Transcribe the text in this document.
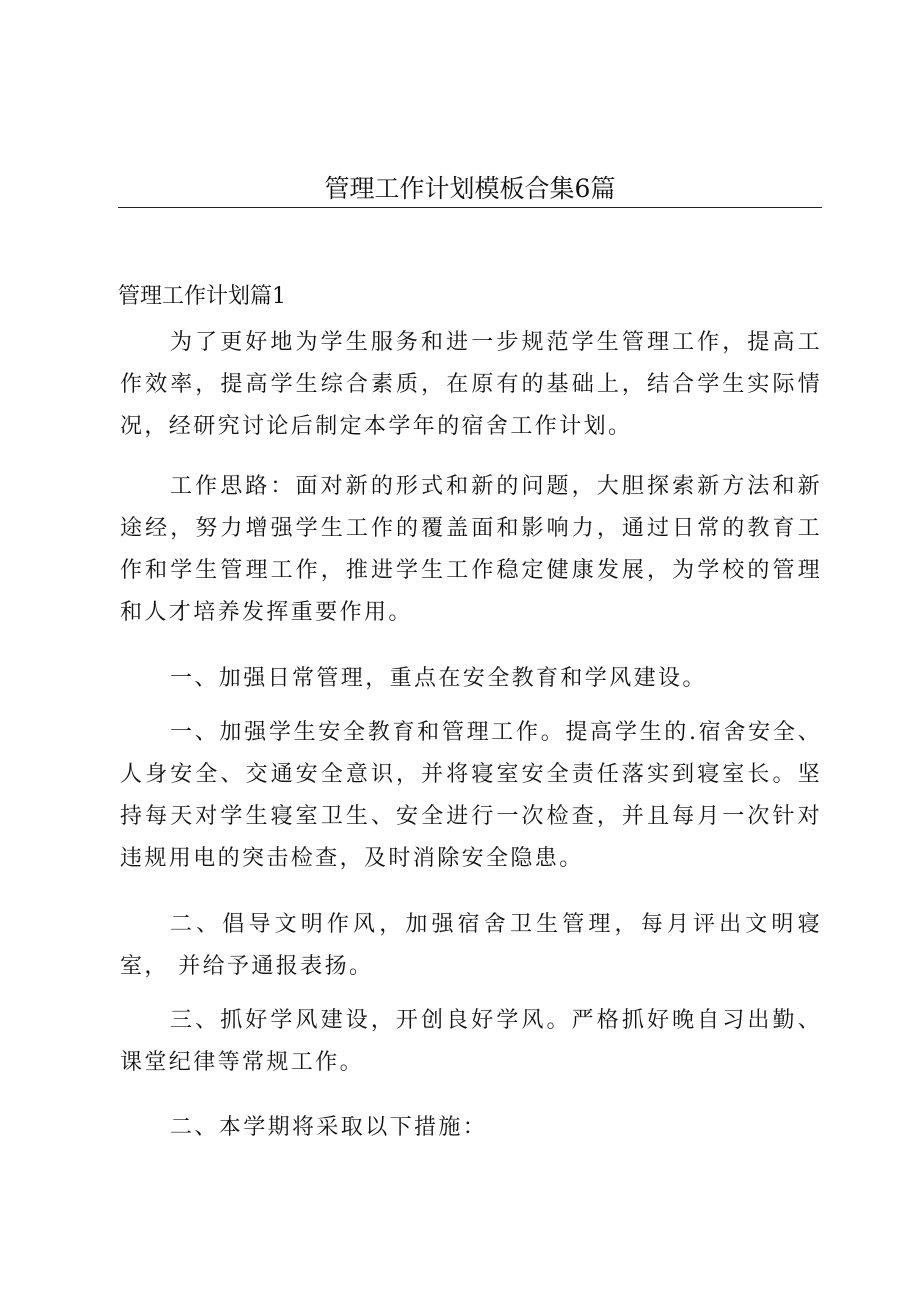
管理工作计划模板合集6篇
管理工作计划篇1

为了更好地为学生服务和进一步规范学生管理工作，提高工 作效率，提高学生综合素质，在原有的基础上，结合学生实际情 况，经研究讨论后制定本学年的宿舍工作计划。

工作思路：面对新的形式和新的问题，大胆探索新方法和新 途经，努力增强学生工作的覆盖面和影响力，通过日常的教育工 作和学生管理工作，推进学生工作稳定健康发展，为学校的管理 和人才培养发挥重要作用。

一、加强日常管理，重点在安全教育和学风建设。

一、加强学生安全教育和管理工作。提高学生的.宿舍安全、 人身安全、交通安全意识，并将寝室安全责任落实到寝室长。坚 持每天对学生寝室卫生、安全进行一次检查，并且每月一次针对 违规用电的突击检查，及时消除安全隐患。

二、倡导文明作风，加强宿舍卫生管理，每月评出文明寝室， 并给予通报表扬。

三、抓好学风建设，开创良好学风。严格抓好晚自习出勤、 课堂纪律等常规工作。

二、本学期将采取以下措施：
